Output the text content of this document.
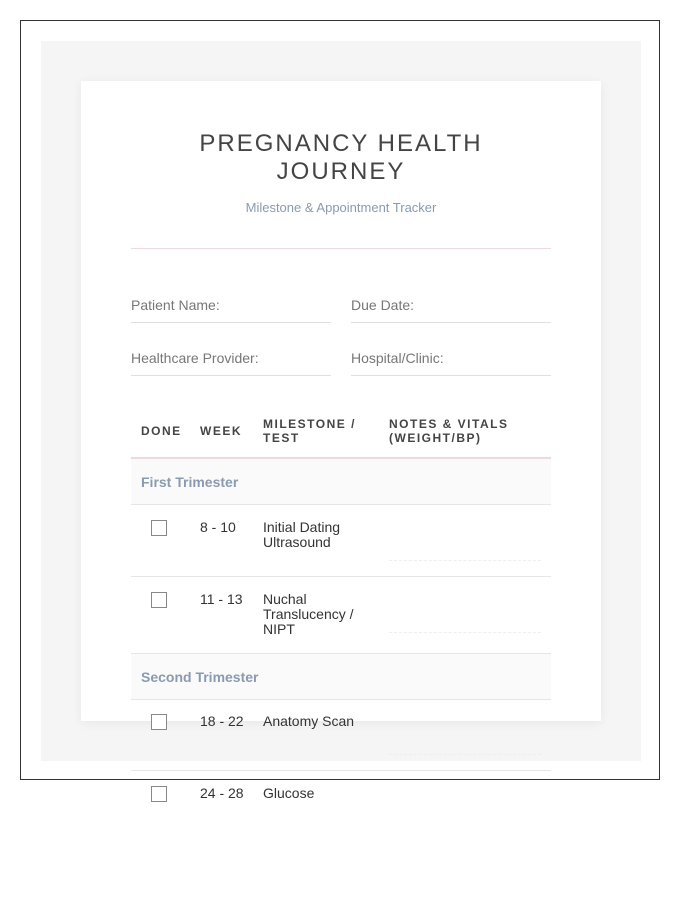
PREGNANCY HEALTH JOURNEY
Milestone & Appointment Tracker
Patient Name:	Due Date:
Healthcare Provider:	Hospital/Clinic:
DONE WEEK MILESTONE / TEST
NOTES & VITALS (WEIGHT/BP)
First Trimester
8 - 10 Initial Dating Ultrasound
11 - 13 Nuchal Translucency / NIPT
Second Trimester
18 - 22 Anatomy Scan
24 - 28 Glucose
